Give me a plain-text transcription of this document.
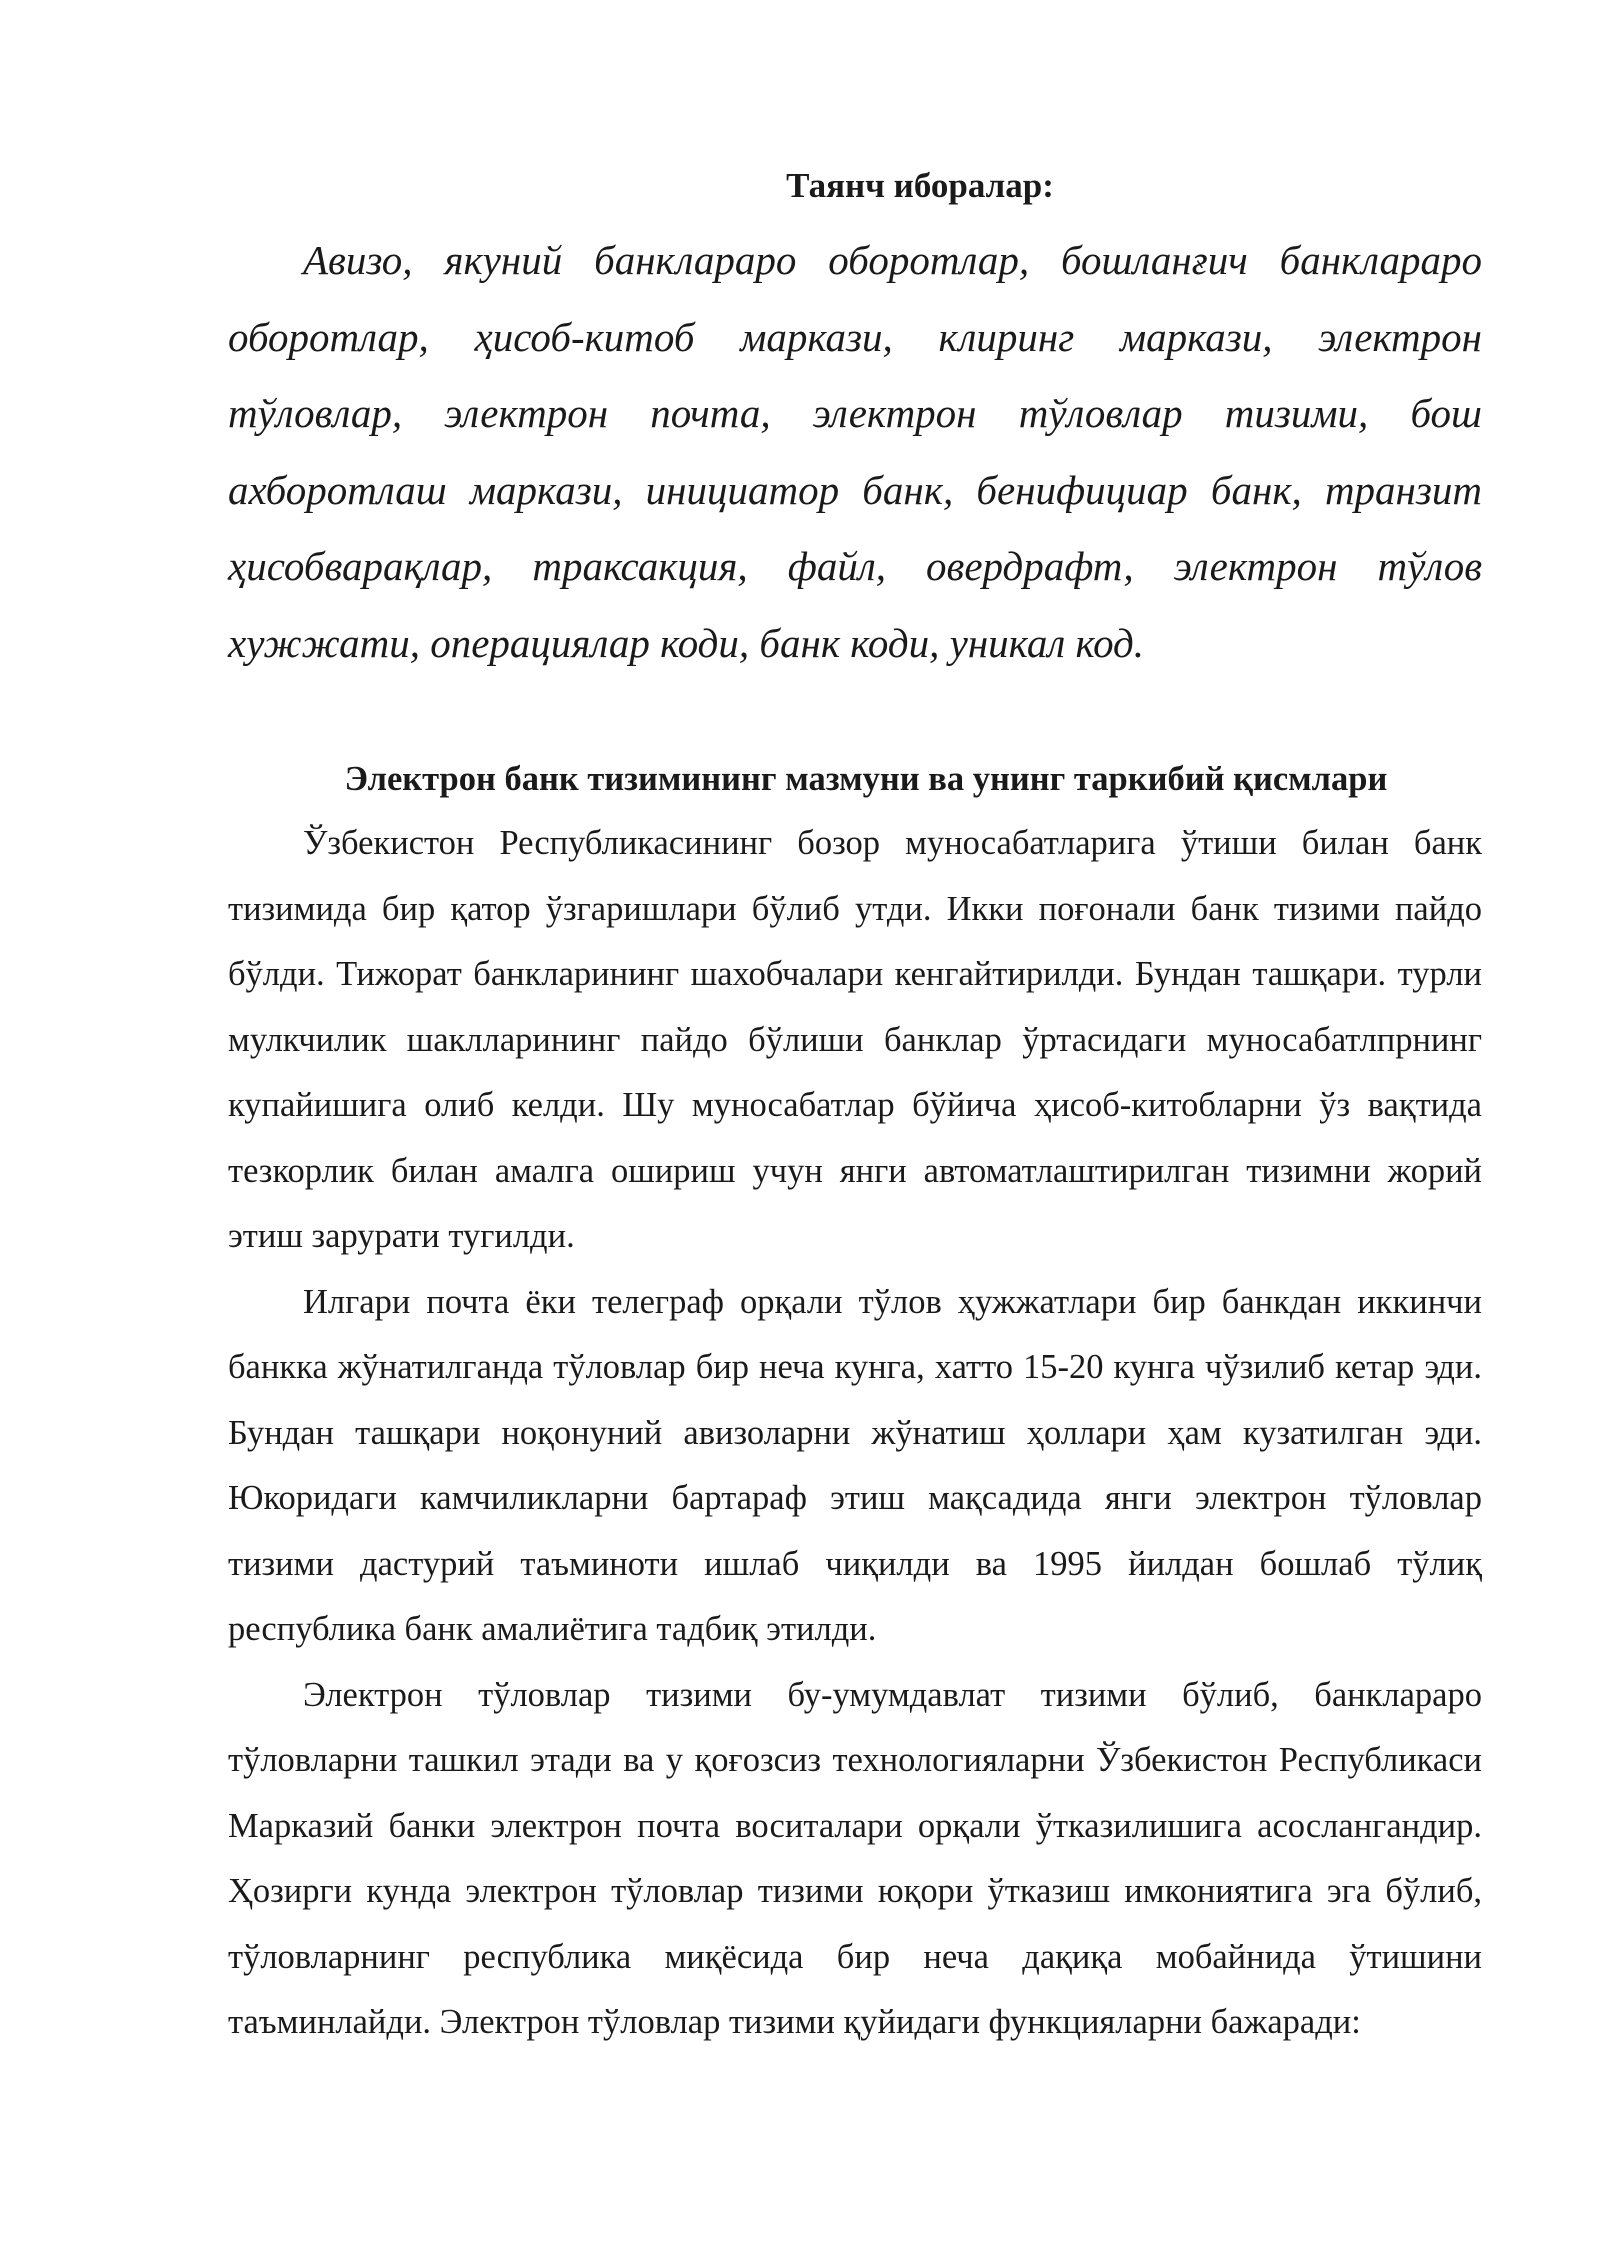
Таянч иборалар:

Авизо, якуний банклараро оборотлар, бошланғич банклараро оборотлар, ҳисоб-китоб маркази, клиринг маркази, электрон тўловлар, электрон почта, электрон тўловлар тизими, бош ахборотлаш маркази, инициатор банк, бенифициар банк, транзит ҳисобварақлар, траксакция, файл, овердрафт, электрон тўлов хужжати, операциялар коди, банк коди, уникал код.

Электрон банк тизимининг мазмуни ва унинг таркибий қисмлари

Ўзбекистон Республикасининг бозор муносабатларига ўтиши билан банк тизимида бир қатор ўзгаришлари бўлиб утди. Икки поғонали банк тизими пайдо бўлди. Тижорат банкларининг шахобчалари кенгайтирилди. Бундан ташқари. турли мулкчилик шаклларининг пайдо бўлиши банклар ўртасидаги муносабатлпрнинг купайишига олиб келди. Шу муносабатлар бўйича ҳисоб-китобларни ўз вақтида тезкорлик билан амалга ошириш учун янги автоматлаштирилган тизимни жорий этиш зарурати тугилди.

Илгари почта ёки телеграф орқали тўлов ҳужжатлари бир банкдан иккинчи банкка жўнатилганда тўловлар бир неча кунга, хатто 15-20 кунга чўзилиб кетар эди. Бундан ташқари ноқонуний авизоларни жўнатиш ҳоллари ҳам кузатилган эди. Юкоридаги камчиликларни бартараф этиш мақсадида янги электрон тўловлар тизими дастурий таъминоти ишлаб чиқилди ва 1995 йилдан бошлаб тўлиқ республика банк амалиётига тадбиқ этилди.

Электрон тўловлар тизими бу-умумдавлат тизими бўлиб, банклараро тўловларни ташкил этади ва у қоғозсиз технологияларни Ўзбекистон Республикаси Марказий банки электрон почта воситалари орқали ўтказилишига асослангандир. Ҳозирги кунда электрон тўловлар тизими юқори ўтказиш имкониятига эга бўлиб, тўловларнинг республика миқёсида бир неча дақиқа мобайнида ўтишини таъминлайди. Электрон тўловлар тизими қуйидаги функцияларни бажаради:
